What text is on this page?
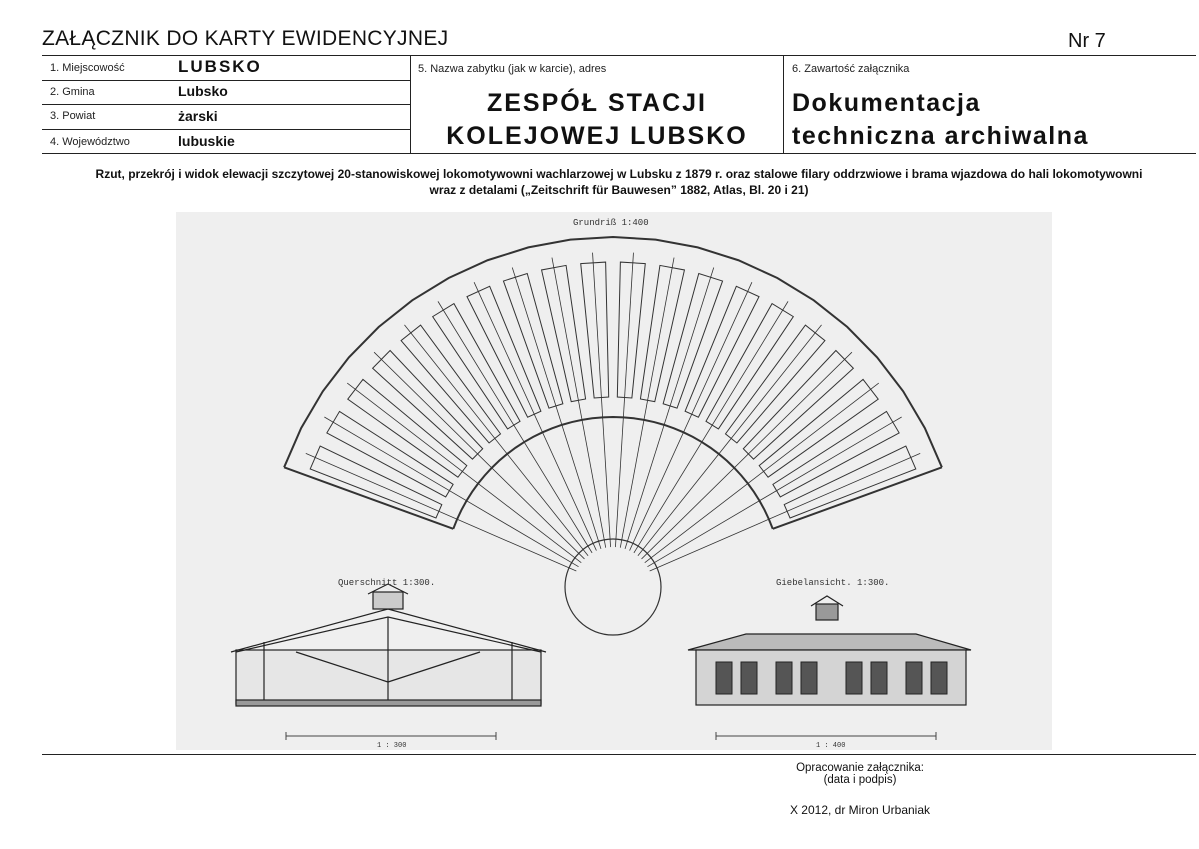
ZAŁĄCZNIK DO KARTY EWIDENCYJNEJ	Nr 7
1. Miejscowość	LUBSKO
2. Gmina	Lubsko
3. Powiat	żarski
4. Województwo	lubuskie
5. Nazwa zabytku (jak w karcie), adres
ZESPÓŁ STACJI
KOLEJOWEJ LUBSKO
6. Zawartość załącznika
Dokumentacja
techniczna archiwalna
Rzut, przekrój i widok elewacji szczytowej 20-stanowiskowej lokomotywowni wachlarzowej w Lubsku z 1879 r. oraz stalowe filary oddrzwiowe i brama wjazdowa do hali lokomotywowni
wraz z detalami („Zeitschrift für Bauwesen” 1882, Atlas, Bl. 20 i 21)
Grundriß 1:400
Querschnitt 1:300.
1 : 300
Giebelansicht. 1:300.
1 : 400
Opracowanie załącznika:
(data i podpis)
X 2012, dr Miron Urbaniak
